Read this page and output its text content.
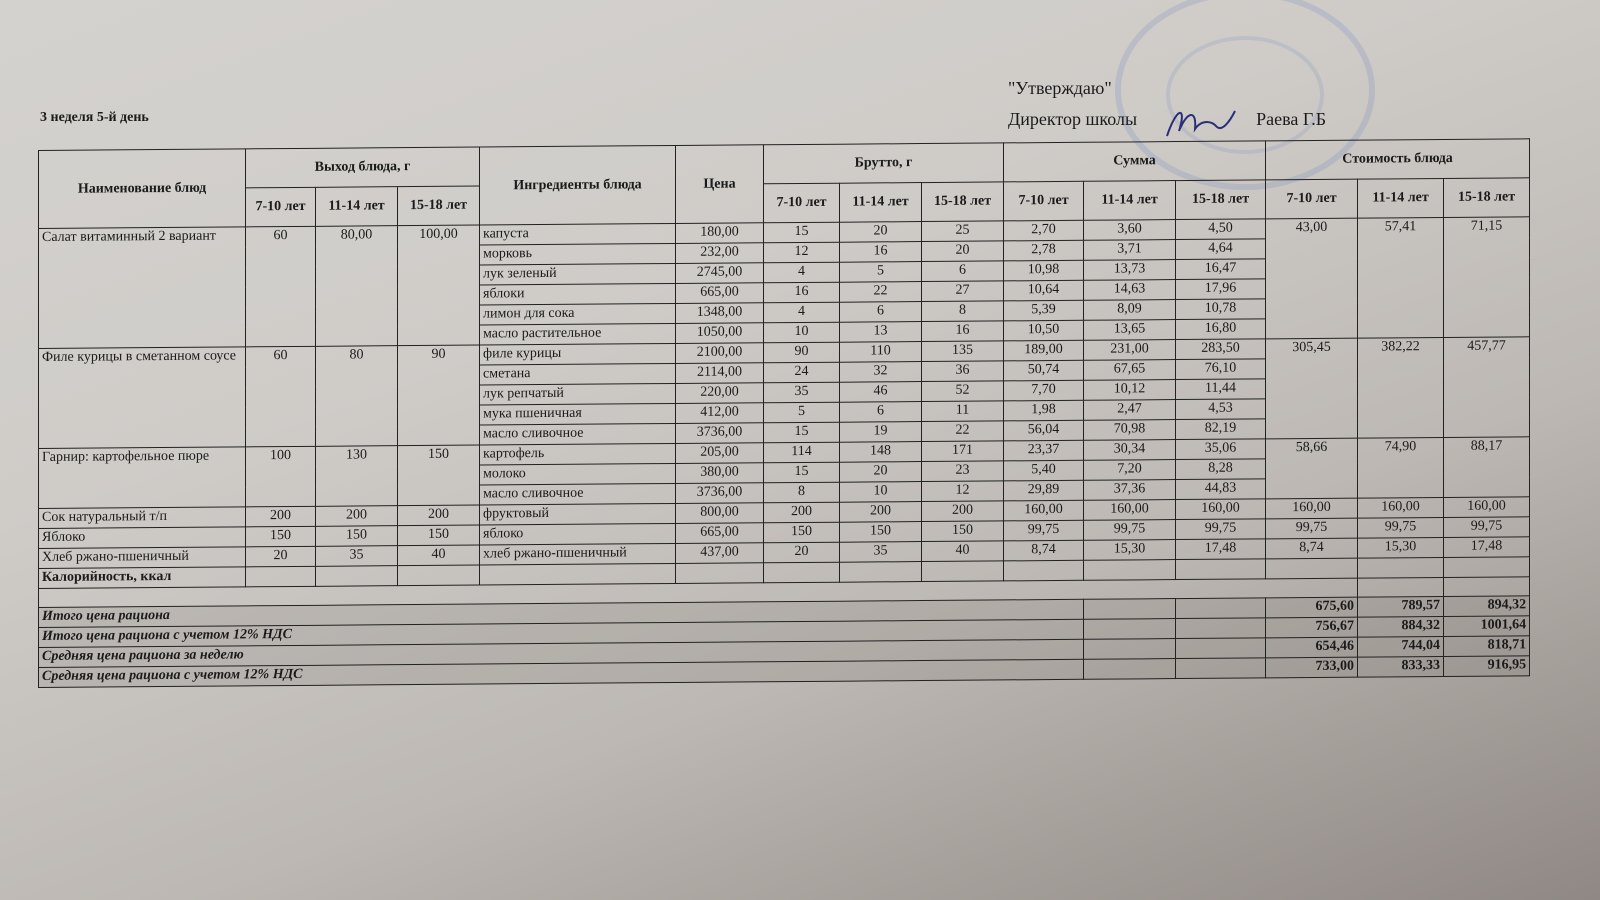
3 неделя 5-й день
"Утверждаю"
Директор школы	Раева Г.Б
Наименование блюд	Выход блюда, г			Ингредиенты блюда	Цена	Брутто, г			Сумма			Стоимость блюда		
	7-10 лет	11-14 лет	15-18 лет			7-10 лет	11-14 лет	15-18 лет	7-10 лет	11-14 лет	15-18 лет	7-10 лет	11-14 лет	15-18 лет
Салат витаминный 2 вариант	60	80,00	100,00	капуста	180,00	15	20	25	2,70	3,60	4,50	43,00	57,41	71,15
				морковь	232,00	12	16	20	2,78	3,71	4,64			
				лук зеленый	2745,00	4	5	6	10,98	13,73	16,47			
				яблоки	665,00	16	22	27	10,64	14,63	17,96			
				лимон для сока	1348,00	4	6	8	5,39	8,09	10,78			
				масло растительное	1050,00	10	13	16	10,50	13,65	16,80			
Филе курицы в сметанном соусе	60	80	90	филе курицы	2100,00	90	110	135	189,00	231,00	283,50	305,45	382,22	457,77
				сметана	2114,00	24	32	36	50,74	67,65	76,10			
				лук репчатый	220,00	35	46	52	7,70	10,12	11,44			
				мука пшеничная	412,00	5	6	11	1,98	2,47	4,53			
				масло сливочное	3736,00	15	19	22	56,04	70,98	82,19			
Гарнир: картофельное пюре	100	130	150	картофель	205,00	114	148	171	23,37	30,34	35,06	58,66	74,90	88,17
				молоко	380,00	15	20	23	5,40	7,20	8,28			
				масло сливочное	3736,00	8	10	12	29,89	37,36	44,83			
Сок натуральный т/п	200	200	200	фруктовый	800,00	200	200	200	160,00	160,00	160,00	160,00	160,00	160,00
Яблоко	150	150	150	яблоко	665,00	150	150	150	99,75	99,75	99,75	99,75	99,75	99,75
Хлеб ржано-пшеничный	20	35	40	хлеб ржано-пшеничный	437,00	20	35	40	8,74	15,30	17,48	8,74	15,30	17,48
Калорийность, ккал														

Итого цена рациона												675,60	789,57	894,32
Итого цена рациона с учетом 12% НДС												756,67	884,32	1001,64
Средняя цена рациона за неделю												654,46	744,04	818,71
Средняя цена рациона с учетом 12% НДС												733,00	833,33	916,95
